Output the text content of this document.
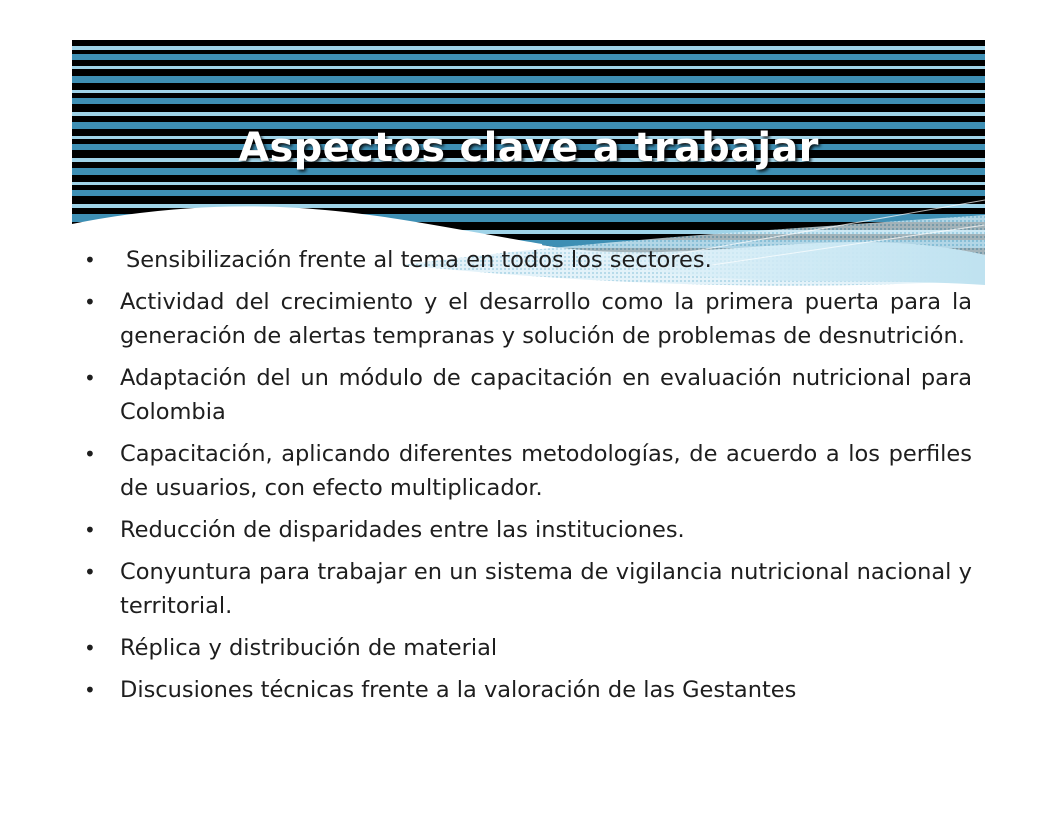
Aspectos clave a trabajar
•	Sensibilización frente al tema en todos los sectores.
•	Actividad del crecimiento y el desarrollo como la primera puerta para la generación de alertas tempranas y solución de problemas de desnutrición.
•	Adaptación del un módulo de capacitación en evaluación nutricional para Colombia
•	Capacitación, aplicando diferentes metodologías, de acuerdo a los perfiles de usuarios, con efecto multiplicador.
•	Reducción de disparidades entre las instituciones.
•	Conyuntura para trabajar en un sistema de vigilancia nutricional nacional y territorial.
•	Réplica y distribución de material
•	Discusiones técnicas frente a la valoración de las Gestantes
